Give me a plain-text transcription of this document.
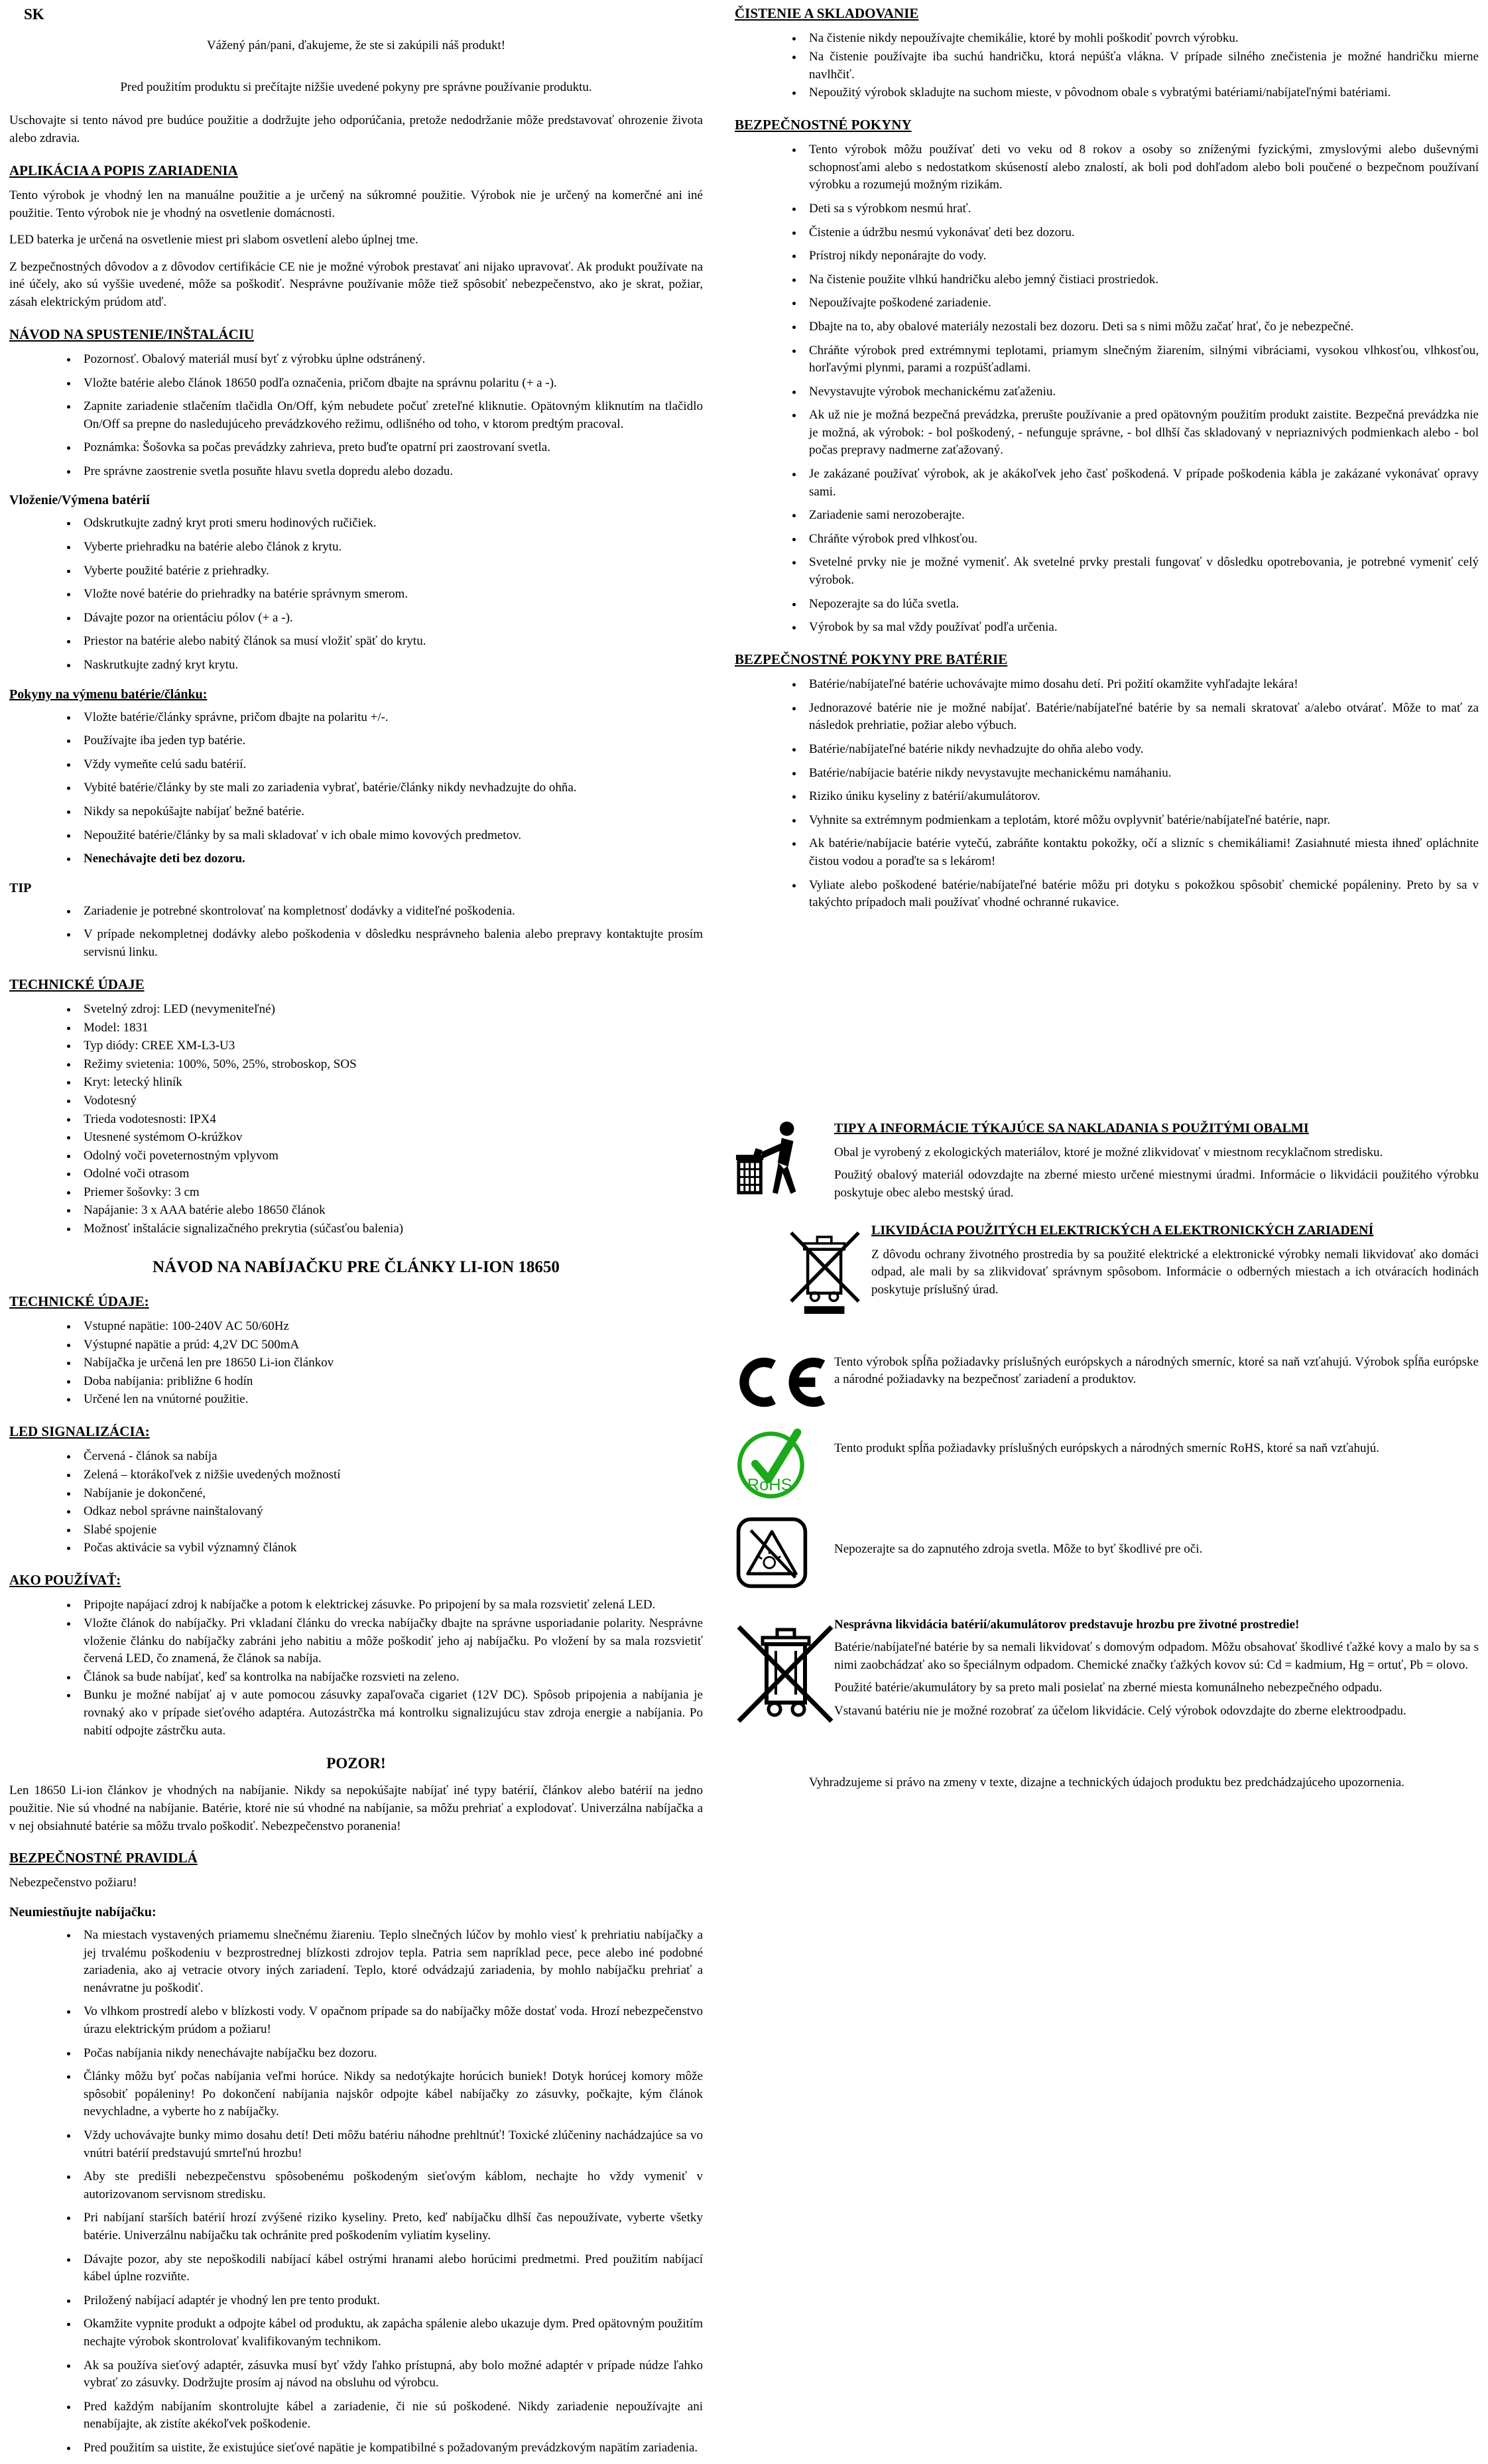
SK

Vážený pán/pani, ďakujeme, že ste si zakúpili náš produkt!

Pred použitím produktu si prečítajte nižšie uvedené pokyny pre správne používanie produktu.

Uschovajte si tento návod pre budúce použitie a dodržujte jeho odporúčania, pretože nedodržanie môže predstavovať ohrozenie života alebo zdravia.

APLIKÁCIA A POPIS ZARIADENIA

Tento výrobok je vhodný len na manuálne použitie a je určený na súkromné použitie. Výrobok nie je určený na komerčné ani iné použitie. Tento výrobok nie je vhodný na osvetlenie domácnosti.

LED baterka je určená na osvetlenie miest pri slabom osvetlení alebo úplnej tme.

Z bezpečnostných dôvodov a z dôvodov certifikácie CE nie je možné výrobok prestavať ani nijako upravovať. Ak produkt používate na iné účely, ako sú vyššie uvedené, môže sa poškodiť. Nesprávne používanie môže tiež spôsobiť nebezpečenstvo, ako je skrat, požiar, zásah elektrickým prúdom atď.

NÁVOD NA SPUSTENIE/INŠTALÁCIU
• Pozornosť. Obalový materiál musí byť z výrobku úplne odstránený.
• Vložte batérie alebo článok 18650 podľa označenia, pričom dbajte na správnu polaritu (+ a -).
• Zapnite zariadenie stlačením tlačidla On/Off, kým nebudete počuť zreteľné kliknutie. Opätovným kliknutím na tlačidlo On/Off sa prepne do nasledujúceho prevádzkového režimu, odlišného od toho, v ktorom predtým pracoval.
• Poznámka: Šošovka sa počas prevádzky zahrieva, preto buďte opatrní pri zaostrovaní svetla.
• Pre správne zaostrenie svetla posuňte hlavu svetla dopredu alebo dozadu.
Vloženie/Výmena batérií
• Odskrutkujte zadný kryt proti smeru hodinových ručičiek.
• Vyberte priehradku na batérie alebo článok z krytu.
• Vyberte použité batérie z priehradky.
• Vložte nové batérie do priehradky na batérie správnym smerom.
• Dávajte pozor na orientáciu pólov (+ a -).
• Priestor na batérie alebo nabitý článok sa musí vložiť späť do krytu.
• Naskrutkujte zadný kryt krytu.
Pokyny na výmenu batérie/článku:
• Vložte batérie/články správne, pričom dbajte na polaritu +/-.
• Používajte iba jeden typ batérie.
• Vždy vymeňte celú sadu batérií.
• Vybité batérie/články by ste mali zo zariadenia vybrať, batérie/články nikdy nevhadzujte do ohňa.
• Nikdy sa nepokúšajte nabíjať bežné batérie.
• Nepoužité batérie/články by sa mali skladovať v ich obale mimo kovových predmetov.
• Nenechávajte deti bez dozoru.
TIP
• Zariadenie je potrebné skontrolovať na kompletnosť dodávky a viditeľné poškodenia.
• V prípade nekompletnej dodávky alebo poškodenia v dôsledku nesprávneho balenia alebo prepravy kontaktujte prosím servisnú linku.
TECHNICKÉ ÚDAJE
• Svetelný zdroj: LED (nevymeniteľné)
• Model: 1831
• Typ diódy: CREE XM-L3-U3
• Režimy svietenia: 100%, 50%, 25%, stroboskop, SOS
• Kryt: letecký hliník
• Vodotesný
• Trieda vodotesnosti: IPX4
• Utesnené systémom O-krúžkov
• Odolný voči poveternostným vplyvom
• Odolné voči otrasom
• Priemer šošovky: 3 cm
• Napájanie: 3 x AAA batérie alebo 18650 článok
• Možnosť inštalácie signalizačného prekrytia (súčasťou balenia)
NÁVOD NA NABÍJAČKU PRE ČLÁNKY LI-ION 18650
TECHNICKÉ ÚDAJE:
• Vstupné napätie: 100-240V AC 50/60Hz
• Výstupné napätie a prúd: 4,2V DC 500mA
• Nabíjačka je určená len pre 18650 Li-ion článkov
• Doba nabíjania: približne 6 hodín
• Určené len na vnútorné použitie.
LED SIGNALIZÁCIA:
• Červená - článok sa nabíja
• Zelená – ktorákoľvek z nižšie uvedených možností
• Nabíjanie je dokončené,
• Odkaz nebol správne nainštalovaný
• Slabé spojenie
• Počas aktivácie sa vybil významný článok
AKO POUŽÍVAŤ:
• Pripojte napájací zdroj k nabíjačke a potom k elektrickej zásuvke. Po pripojení by sa mala rozsvietiť zelená LED.
• Vložte článok do nabíjačky. Pri vkladaní článku do vrecka nabíjačky dbajte na správne usporiadanie polarity. Nesprávne vloženie článku do nabíjačky zabráni jeho nabitiu a môže poškodiť jeho aj nabíjačku. Po vložení by sa mala rozsvietiť červená LED, čo znamená, že článok sa nabíja.
• Článok sa bude nabíjať, keď sa kontrolka na nabíjačke rozsvieti na zeleno.
• Bunku je možné nabíjať aj v aute pomocou zásuvky zapaľovača cigariet (12V DC). Spôsob pripojenia a nabíjania je rovnaký ako v prípade sieťového adaptéra. Autozástrčka má kontrolku signalizujúcu stav zdroja energie a nabíjania. Po nabití odpojte zástrčku auta.
POZOR!

Len 18650 Li-ion článkov je vhodných na nabíjanie. Nikdy sa nepokúšajte nabíjať iné typy batérií, článkov alebo batérií na jedno použitie. Nie sú vhodné na nabíjanie. Batérie, ktoré nie sú vhodné na nabíjanie, sa môžu prehriať a explodovať. Univerzálna nabíjačka a v nej obsiahnuté batérie sa môžu trvalo poškodiť. Nebezpečenstvo poranenia!

BEZPEČNOSTNÉ PRAVIDLÁ

Nebezpečenstvo požiaru!

Neumiestňujte nabíjačku:
• Na miestach vystavených priamemu slnečnému žiareniu. Teplo slnečných lúčov by mohlo viesť k prehriatiu nabíjačky a jej trvalému poškodeniu v bezprostrednej blízkosti zdrojov tepla. Patria sem napríklad pece, pece alebo iné podobné zariadenia, ako aj vetracie otvory iných zariadení. Teplo, ktoré odvádzajú zariadenia, by mohlo nabíjačku prehriať a nenávratne ju poškodiť.
• Vo vlhkom prostredí alebo v blízkosti vody. V opačnom prípade sa do nabíjačky môže dostať voda. Hrozí nebezpečenstvo úrazu elektrickým prúdom a požiaru!
• Počas nabíjania nikdy nenechávajte nabíjačku bez dozoru.
• Články môžu byť počas nabíjania veľmi horúce. Nikdy sa nedotýkajte horúcich buniek! Dotyk horúcej komory môže spôsobiť popáleniny! Po dokončení nabíjania najskôr odpojte kábel nabíjačky zo zásuvky, počkajte, kým článok nevychladne, a vyberte ho z nabíjačky.
• Vždy uchovávajte bunky mimo dosahu detí! Deti môžu batériu náhodne prehltnúť! Toxické zlúčeniny nachádzajúce sa vo vnútri batérií predstavujú smrteľnú hrozbu!
• Aby ste predišli nebezpečenstvu spôsobenému poškodeným sieťovým káblom, nechajte ho vždy vymeniť v autorizovanom servisnom stredisku.
• Pri nabíjaní starších batérií hrozí zvýšené riziko kyseliny. Preto, keď nabíjačku dlhší čas nepoužívate, vyberte všetky batérie. Univerzálnu nabíjačku tak ochránite pred poškodením vyliatím kyseliny.
• Dávajte pozor, aby ste nepoškodili nabíjací kábel ostrými hranami alebo horúcimi predmetmi. Pred použitím nabíjací kábel úplne rozviňte.
• Priložený nabíjací adaptér je vhodný len pre tento produkt.
• Okamžite vypnite produkt a odpojte kábel od produktu, ak zapácha spálenie alebo ukazuje dym. Pred opätovným použitím nechajte výrobok skontrolovať kvalifikovaným technikom.
• Ak sa používa sieťový adaptér, zásuvka musí byť vždy ľahko prístupná, aby bolo možné adaptér v prípade núdze ľahko vybrať zo zásuvky. Dodržujte prosím aj návod na obsluhu od výrobcu.
• Pred každým nabíjaním skontrolujte kábel a zariadenie, či nie sú poškodené. Nikdy zariadenie nepoužívajte ani nenabíjajte, ak zistíte akékoľvek poškodenie.
• Pred použitím sa uistite, že existujúce sieťové napätie je kompatibilné s požadovaným prevádzkovým napätím zariadenia.
ČISTENIE A SKLADOVANIE
• Na čistenie nikdy nepoužívajte chemikálie, ktoré by mohli poškodiť povrch výrobku.
• Na čistenie používajte iba suchú handričku, ktorá nepúšťa vlákna. V prípade silného znečistenia je možné handričku mierne navlhčiť.
• Nepoužitý výrobok skladujte na suchom mieste, v pôvodnom obale s vybratými batériami/nabíjateľnými batériami.
BEZPEČNOSTNÉ POKYNY
• Tento výrobok môžu používať deti vo veku od 8 rokov a osoby so zníženými fyzickými, zmyslovými alebo duševnými schopnosťami alebo s nedostatkom skúseností alebo znalostí, ak boli pod dohľadom alebo boli poučené o bezpečnom používaní výrobku a rozumejú možným rizikám.
• Deti sa s výrobkom nesmú hrať.
• Čistenie a údržbu nesmú vykonávať deti bez dozoru.
• Prístroj nikdy neponárajte do vody.
• Na čistenie použite vlhkú handričku alebo jemný čistiaci prostriedok.
• Nepoužívajte poškodené zariadenie.
• Dbajte na to, aby obalové materiály nezostali bez dozoru. Deti sa s nimi môžu začať hrať, čo je nebezpečné.
• Chráňte výrobok pred extrémnymi teplotami, priamym slnečným žiarením, silnými vibráciami, vysokou vlhkosťou, vlhkosťou, horľavými plynmi, parami a rozpúšťadlami.
• Nevystavujte výrobok mechanickému zaťaženiu.
• Ak už nie je možná bezpečná prevádzka, prerušte používanie a pred opätovným použitím produkt zaistite. Bezpečná prevádzka nie je možná, ak výrobok: - bol poškodený, - nefunguje správne, - bol dlhší čas skladovaný v nepriaznivých podmienkach alebo - bol počas prepravy nadmerne zaťažovaný.
• Je zakázané používať výrobok, ak je akákoľvek jeho časť poškodená. V prípade poškodenia kábla je zakázané vykonávať opravy sami.
• Zariadenie sami nerozoberajte.
• Chráňte výrobok pred vlhkosťou.
• Svetelné prvky nie je možné vymeniť. Ak svetelné prvky prestali fungovať v dôsledku opotrebovania, je potrebné vymeniť celý výrobok.
• Nepozerajte sa do lúča svetla.
• Výrobok by sa mal vždy používať podľa určenia.
BEZPEČNOSTNÉ POKYNY PRE BATÉRIE
• Batérie/nabíjateľné batérie uchovávajte mimo dosahu detí. Pri požití okamžite vyhľadajte lekára!
• Jednorazové batérie nie je možné nabíjať. Batérie/nabíjateľné batérie by sa nemali skratovať a/alebo otvárať. Môže to mať za následok prehriatie, požiar alebo výbuch.
• Batérie/nabíjateľné batérie nikdy nevhadzujte do ohňa alebo vody.
• Batérie/nabíjacie batérie nikdy nevystavujte mechanickému namáhaniu.
• Riziko úniku kyseliny z batérií/akumulátorov.
• Vyhnite sa extrémnym podmienkam a teplotám, ktoré môžu ovplyvniť batérie/nabíjateľné batérie, napr.
• Ak batérie/nabíjacie batérie vytečú, zabráňte kontaktu pokožky, očí a slizníc s chemikáliami! Zasiahnuté miesta ihneď opláchnite čistou vodou a poraďte sa s lekárom!
• Vyliate alebo poškodené batérie/nabíjateľné batérie môžu pri dotyku s pokožkou spôsobiť chemické popáleniny. Preto by sa v takýchto prípadoch mali používať vhodné ochranné rukavice.
TIPY A INFORMÁCIE TÝKAJÚCE SA NAKLADANIA S POUŽITÝMI OBALMI

Obal je vyrobený z ekologických materiálov, ktoré je možné zlikvidovať v miestnom recyklačnom stredisku.

Použitý obalový materiál odovzdajte na zberné miesto určené miestnymi úradmi. Informácie o likvidácii použitého výrobku poskytuje obec alebo mestský úrad.

LIKVIDÁCIA POUŽITÝCH ELEKTRICKÝCH A ELEKTRONICKÝCH ZARIADENÍ

Z dôvodu ochrany životného prostredia by sa použité elektrické a elektronické výrobky nemali likvidovať ako domáci odpad, ale mali by sa zlikvidovať správnym spôsobom. Informácie o odberných miestach a ich otváracích hodinách poskytuje príslušný úrad.

Tento výrobok spĺňa požiadavky príslušných európskych a národných smerníc, ktoré sa naň vzťahujú. Výrobok spĺňa európske a národné požiadavky na bezpečnosť zariadení a produktov.

RoHS

Tento produkt spĺňa požiadavky príslušných európskych a národných smerníc RoHS, ktoré sa naň vzťahujú.

Nepozerajte sa do zapnutého zdroja svetla. Môže to byť škodlivé pre oči.

Nesprávna likvidácia batérií/akumulátorov predstavuje hrozbu pre životné prostredie!

Batérie/nabíjateľné batérie by sa nemali likvidovať s domovým odpadom. Môžu obsahovať škodlivé ťažké kovy a malo by sa s nimi zaobchádzať ako so špeciálnym odpadom. Chemické značky ťažkých kovov sú: Cd = kadmium, Hg = ortuť, Pb = olovo.

Použité batérie/akumulátory by sa preto mali posielať na zberné miesta komunálneho nebezpečného odpadu.

Vstavanú batériu nie je možné rozobrať za účelom likvidácie. Celý výrobok odovzdajte do zberne elektroodpadu.

Vyhradzujeme si právo na zmeny v texte, dizajne a technických údajoch produktu bez predchádzajúceho upozornenia.
